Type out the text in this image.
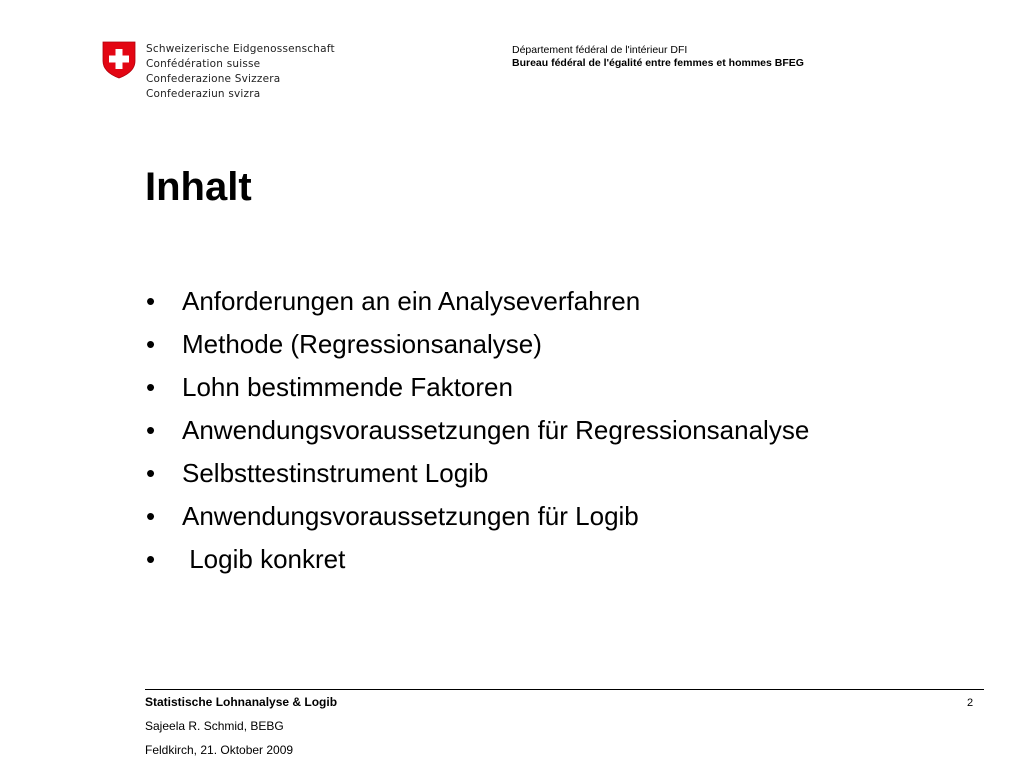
Schweizerische Eidgenossenschaft
Confédération suisse
Confederazione Svizzera
Confederaziun svizra
Département fédéral de l'intérieur DFI
Bureau fédéral de l'égalité entre femmes et hommes BFEG
Inhalt
•	Anforderungen an ein Analyseverfahren
•	Methode (Regressionsanalyse)
•	Lohn bestimmende Faktoren
•	Anwendungsvoraussetzungen für Regressionsanalyse
•	Selbsttestinstrument Logib
•	Anwendungsvoraussetzungen für Logib
•	Logib konkret
Statistische Lohnanalyse & Logib	2
Sajeela R. Schmid, BEBG
Feldkirch, 21. Oktober 2009
